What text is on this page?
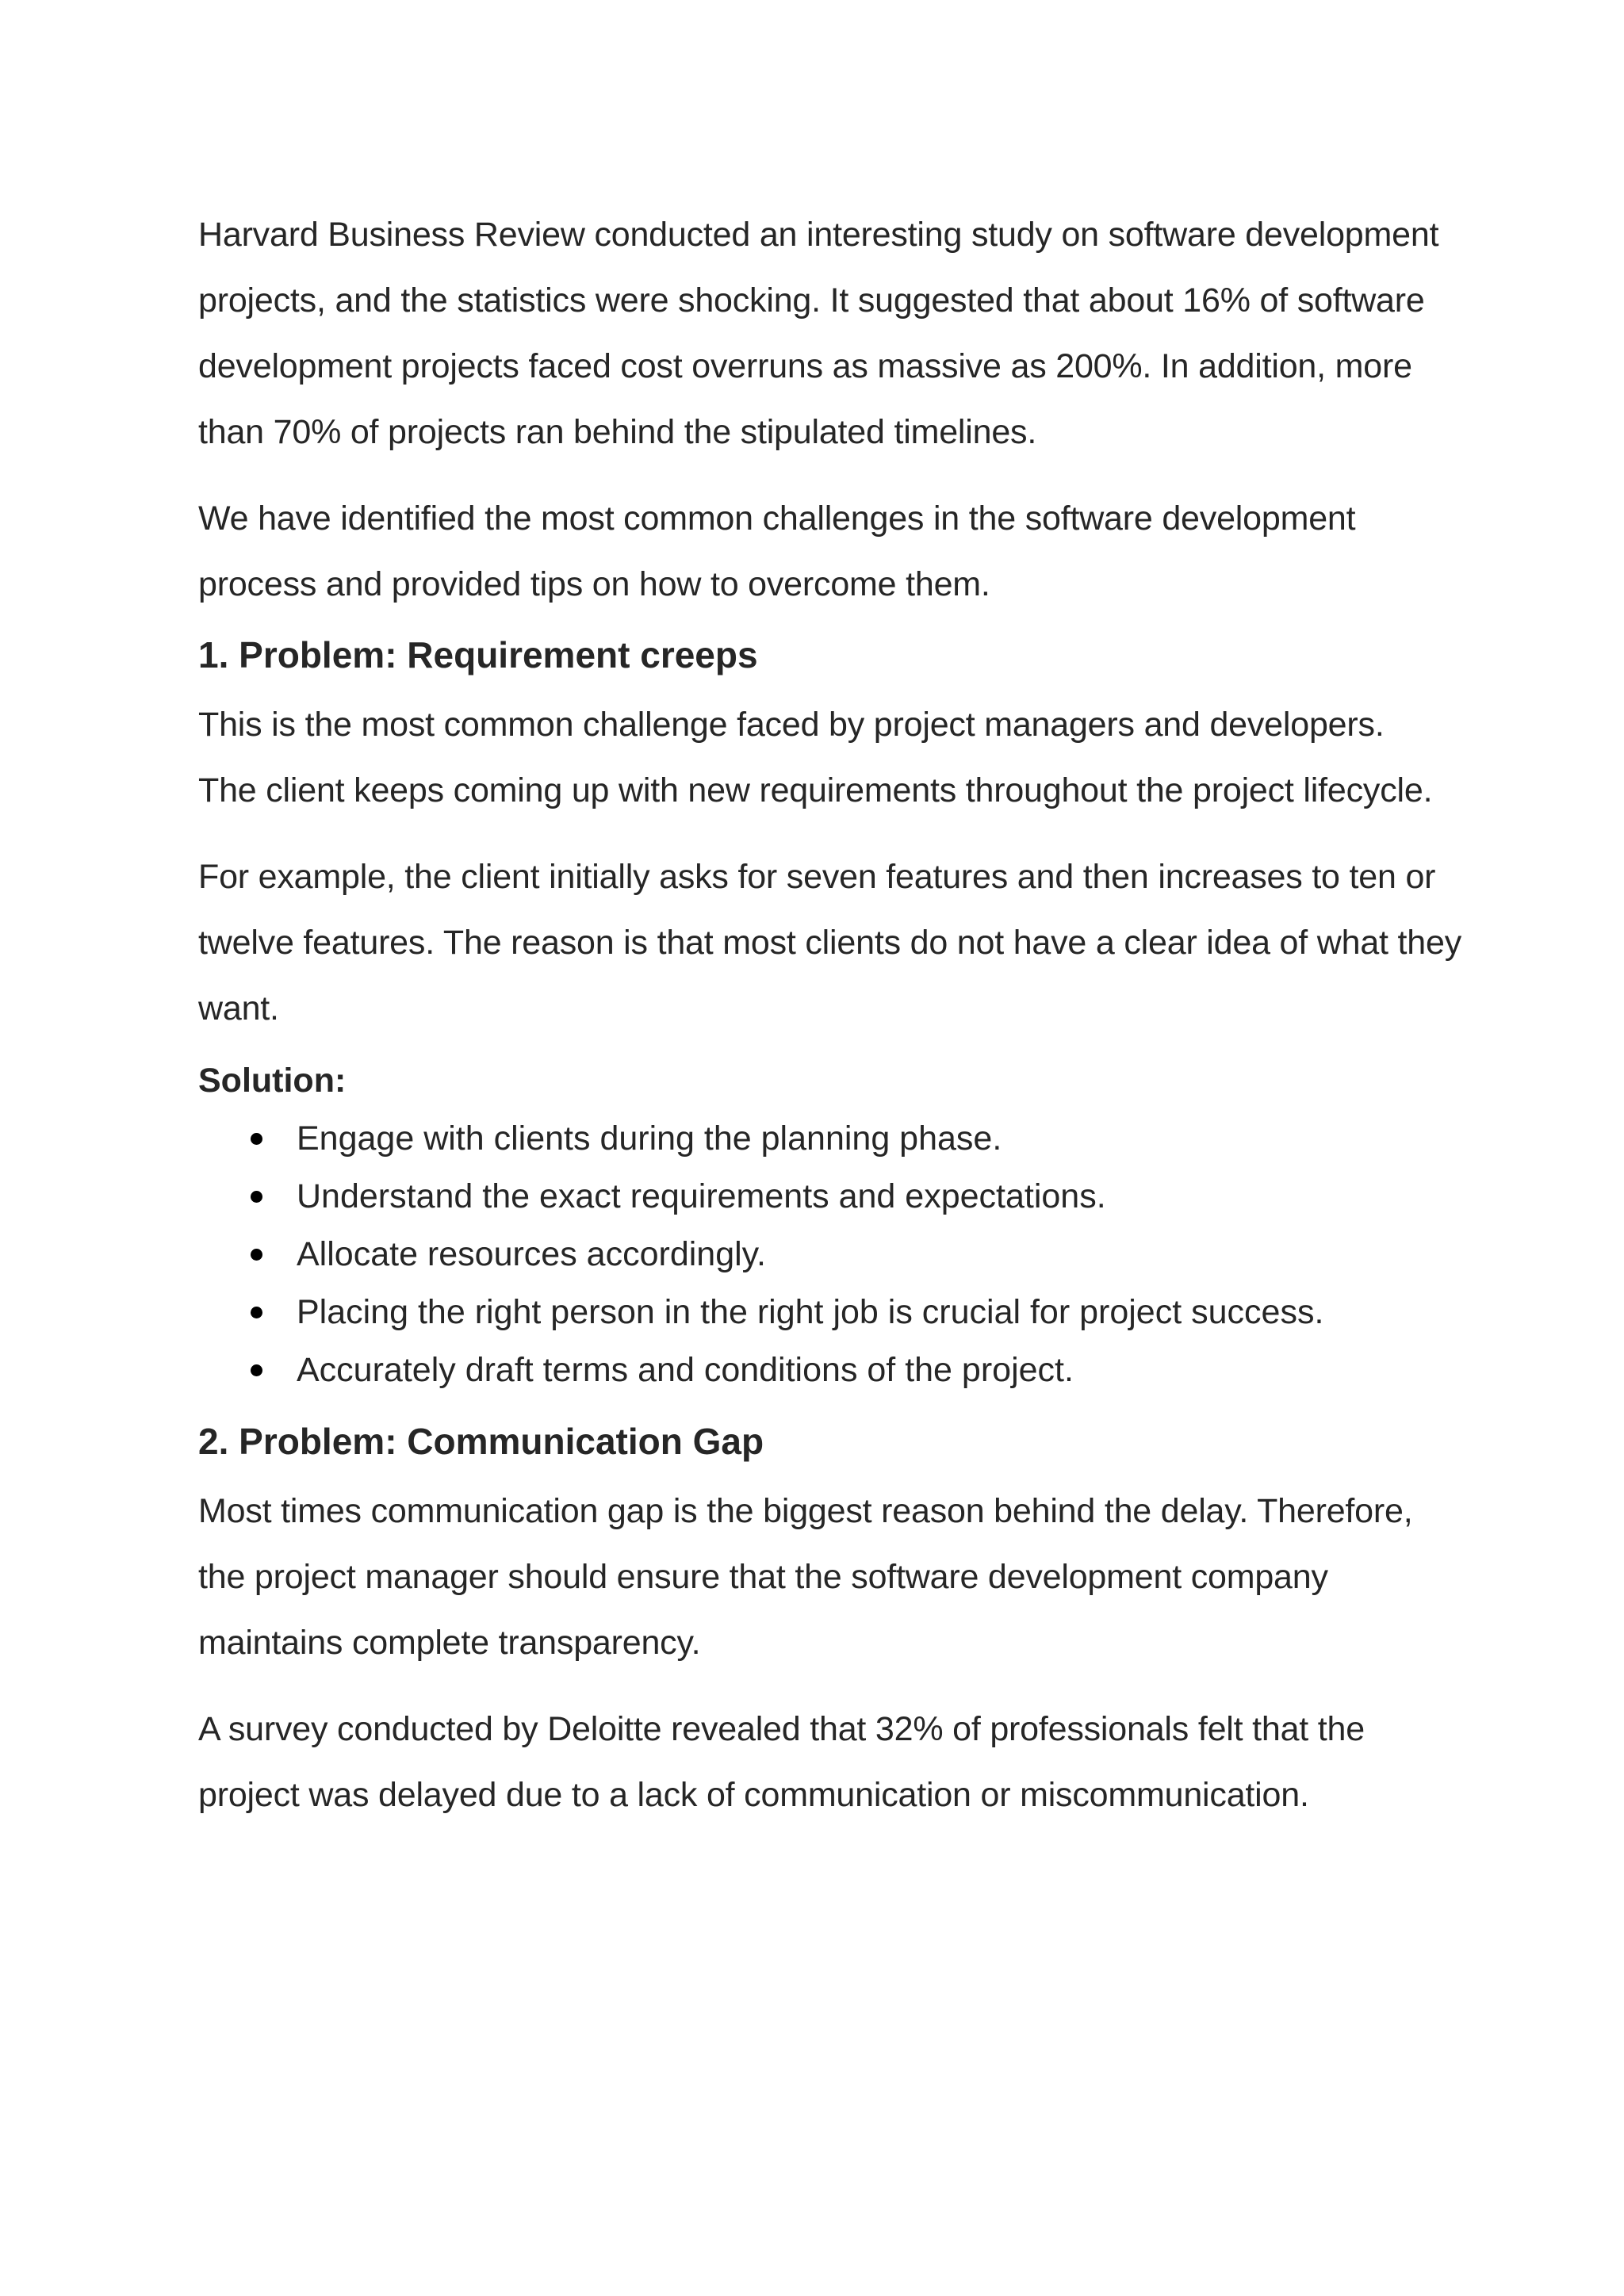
Harvard Business Review conducted an interesting study on software development projects, and the statistics were shocking. It suggested that about 16% of software development projects faced cost overruns as massive as 200%. In addition, more than 70% of projects ran behind the stipulated timelines.

We have identified the most common challenges in the software development process and provided tips on how to overcome them.

1. Problem: Requirement creeps

This is the most common challenge faced by project managers and developers. The client keeps coming up with new requirements throughout the project lifecycle.

For example, the client initially asks for seven features and then increases to ten or twelve features. The reason is that most clients do not have a clear idea of what they want.

Solution:
Engage with clients during the planning phase.
Understand the exact requirements and expectations.
Allocate resources accordingly.
Placing the right person in the right job is crucial for project success.
Accurately draft terms and conditions of the project.
2. Problem: Communication Gap

Most times communication gap is the biggest reason behind the delay. Therefore, the project manager should ensure that the software development company maintains complete transparency.

A survey conducted by Deloitte revealed that 32% of professionals felt that the project was delayed due to a lack of communication or miscommunication.
